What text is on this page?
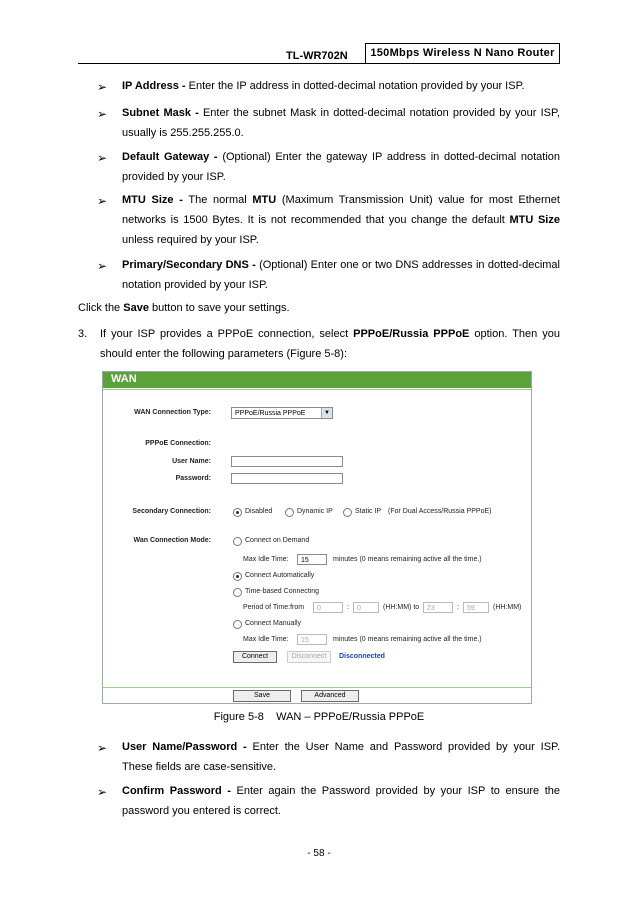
TL-WR702N	150Mbps Wireless N Nano Router
➢ IP Address - Enter the IP address in dotted-decimal notation provided by your ISP.
➢ Subnet Mask - Enter the subnet Mask in dotted-decimal notation provided by your ISP, usually is 255.255.255.0.
➢ Default Gateway - (Optional) Enter the gateway IP address in dotted-decimal notation provided by your ISP.
➢ MTU Size - The normal MTU (Maximum Transmission Unit) value for most Ethernet networks is 1500 Bytes. It is not recommended that you change the default MTU Size unless required by your ISP.
➢ Primary/Secondary DNS - (Optional) Enter one or two DNS addresses in dotted-decimal notation provided by your ISP.
Click the Save button to save your settings.
3. If your ISP provides a PPPoE connection, select PPPoE/Russia PPPoE option. Then you should enter the following parameters (Figure 5-8):
WAN
WAN Connection Type:	PPPoE/Russia PPPoE	▼
PPPoE Connection:
User Name:
Password:
Secondary Connection:	Disabled	Dynamic IP	Static IP (For Dual Access/Russia PPPoE)
Wan Connection Mode:	Connect on Demand
Max Idle Time:	15	minutes (0 means remaining active all the time.)
Connect Automatically
Time-based Connecting
Period of Time:from	0	:	0	(HH:MM) to	23	:	59	(HH:MM)
Connect Manually
Max Idle Time:	15	minutes (0 means remaining active all the time.)
Connect	Disconnect	Disconnected
Save	Advanced
Figure 5-8    WAN – PPPoE/Russia PPPoE
➢ User Name/Password - Enter the User Name and Password provided by your ISP. These fields are case-sensitive.
➢ Confirm Password - Enter again the Password provided by your ISP to ensure the password you entered is correct.
- 58 -
